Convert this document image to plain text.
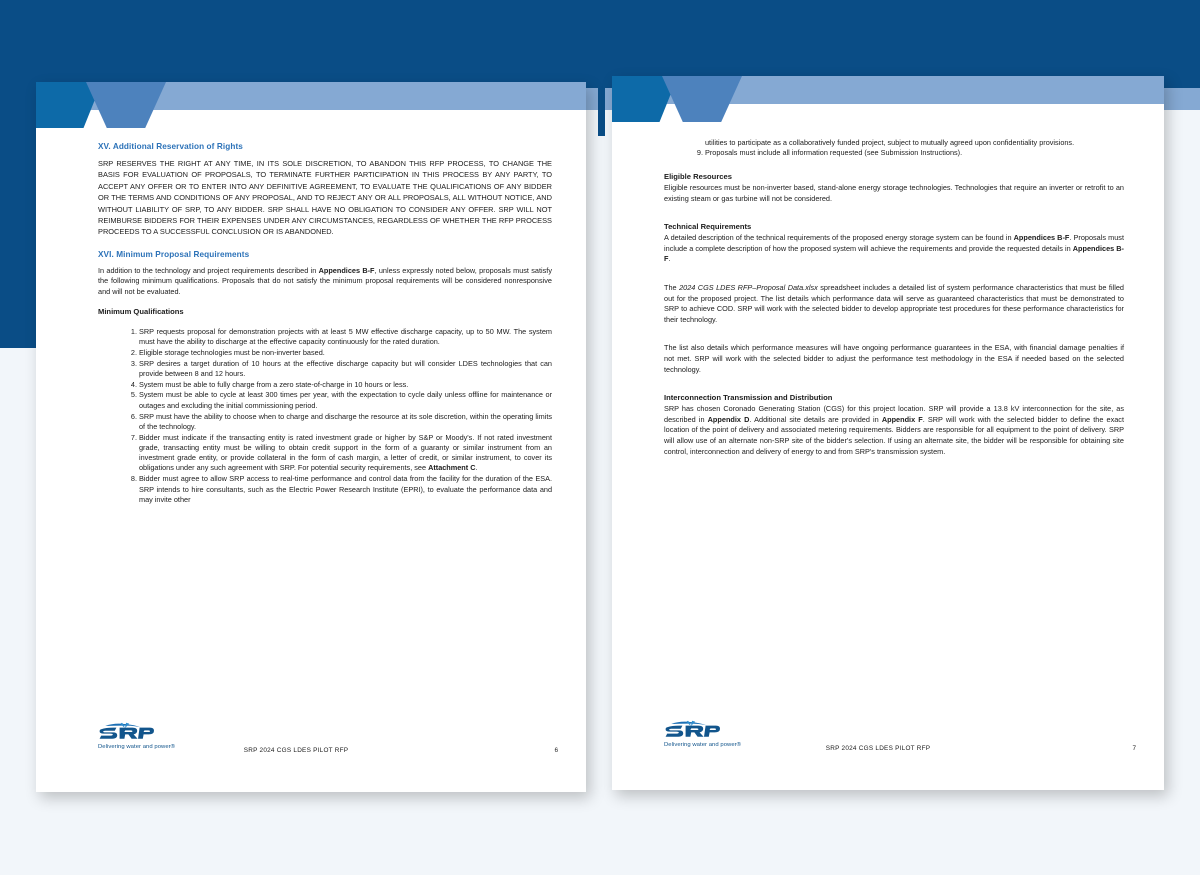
XV. Additional Reservation of Rights

SRP RESERVES THE RIGHT AT ANY TIME, IN ITS SOLE DISCRETION, TO ABANDON THIS RFP PROCESS, TO CHANGE THE BASIS FOR EVALUATION OF PROPOSALS, TO TERMINATE FURTHER PARTICIPATION IN THIS PROCESS BY ANY PARTY, TO ACCEPT ANY OFFER OR TO ENTER INTO ANY DEFINITIVE AGREEMENT, TO EVALUATE THE QUALIFICATIONS OF ANY BIDDER OR THE TERMS AND CONDITIONS OF ANY PROPOSAL, AND TO REJECT ANY OR ALL PROPOSALS, ALL WITHOUT NOTICE, AND WITHOUT LIABILITY OF SRP, TO ANY BIDDER. SRP SHALL HAVE NO OBLIGATION TO CONSIDER ANY OFFER. SRP WILL NOT REIMBURSE BIDDERS FOR THEIR EXPENSES UNDER ANY CIRCUMSTANCES, REGARDLESS OF WHETHER THE RFP PROCESS PROCEEDS TO A SUCCESSFUL CONCLUSION OR IS ABANDONED.

XVI. Minimum Proposal Requirements

In addition to the technology and project requirements described in Appendices B-F, unless expressly noted below, proposals must satisfy the following minimum qualifications. Proposals that do not satisfy the minimum proposal requirements will be considered nonresponsive and will not be evaluated.

Minimum Qualifications
SRP requests proposal for demonstration projects with at least 5 MW effective discharge capacity, up to 50 MW. The system must have the ability to discharge at the effective capacity continuously for the rated duration.
Eligible storage technologies must be non-inverter based.
SRP desires a target duration of 10 hours at the effective discharge capacity but will consider LDES technologies that can provide between 8 and 12 hours.
System must be able to fully charge from a zero state-of-charge in 10 hours or less.
System must be able to cycle at least 300 times per year, with the expectation to cycle daily unless offline for maintenance or outages and excluding the initial commissioning period.
SRP must have the ability to choose when to charge and discharge the resource at its sole discretion, within the operating limits of the technology.
Bidder must indicate if the transacting entity is rated investment grade or higher by S&P or Moody's. If not rated investment grade, transacting entity must be willing to obtain credit support in the form of a guaranty or similar instrument from an investment grade entity, or provide collateral in the form of cash margin, a letter of credit, or similar instrument, to cover its obligations under any such agreement with SRP. For potential security requirements, see Attachment C.
Bidder must agree to allow SRP access to real-time performance and control data from the facility for the duration of the ESA. SRP intends to hire consultants, such as the Electric Power Research Institute (EPRI), to evaluate the performance data and may invite other
Delivering water and power®	SRP 2024 CGS LDES PILOT RFP	6

utilities to participate as a collaboratively funded project, subject to mutually agreed upon confidentiality provisions.

Proposals must include all information requested (see Submission Instructions).
Eligible Resources

Eligible resources must be non-inverter based, stand-alone energy storage technologies. Technologies that require an inverter or retrofit to an existing steam or gas turbine will not be considered.

Technical Requirements

A detailed description of the technical requirements of the proposed energy storage system can be found in Appendices B-F. Proposals must include a complete description of how the proposed system will achieve the requirements and provide the requested details in Appendices B-F.

The 2024 CGS LDES RFP–Proposal Data.xlsx spreadsheet includes a detailed list of system performance characteristics that must be filled out for the proposed project. The list details which performance data will serve as guaranteed characteristics that must be demonstrated to SRP to achieve COD. SRP will work with the selected bidder to develop appropriate test procedures for these performance characteristics for their technology.

The list also details which performance measures will have ongoing performance guarantees in the ESA, with financial damage penalties if not met. SRP will work with the selected bidder to adjust the performance test methodology in the ESA if needed based on the selected technology.

Interconnection Transmission and Distribution

SRP has chosen Coronado Generating Station (CGS) for this project location. SRP will provide a 13.8 kV interconnection for the site, as described in Appendix D. Additional site details are provided in Appendix F. SRP will work with the selected bidder to define the exact location of the point of delivery and associated metering requirements. Bidders are responsible for all equipment to the point of delivery. SRP will allow use of an alternate non-SRP site of the bidder's selection. If using an alternate site, the bidder will be responsible for obtaining site control, interconnection and delivery of energy to and from SRP's transmission system.

Delivering water and power®	SRP 2024 CGS LDES PILOT RFP	7
